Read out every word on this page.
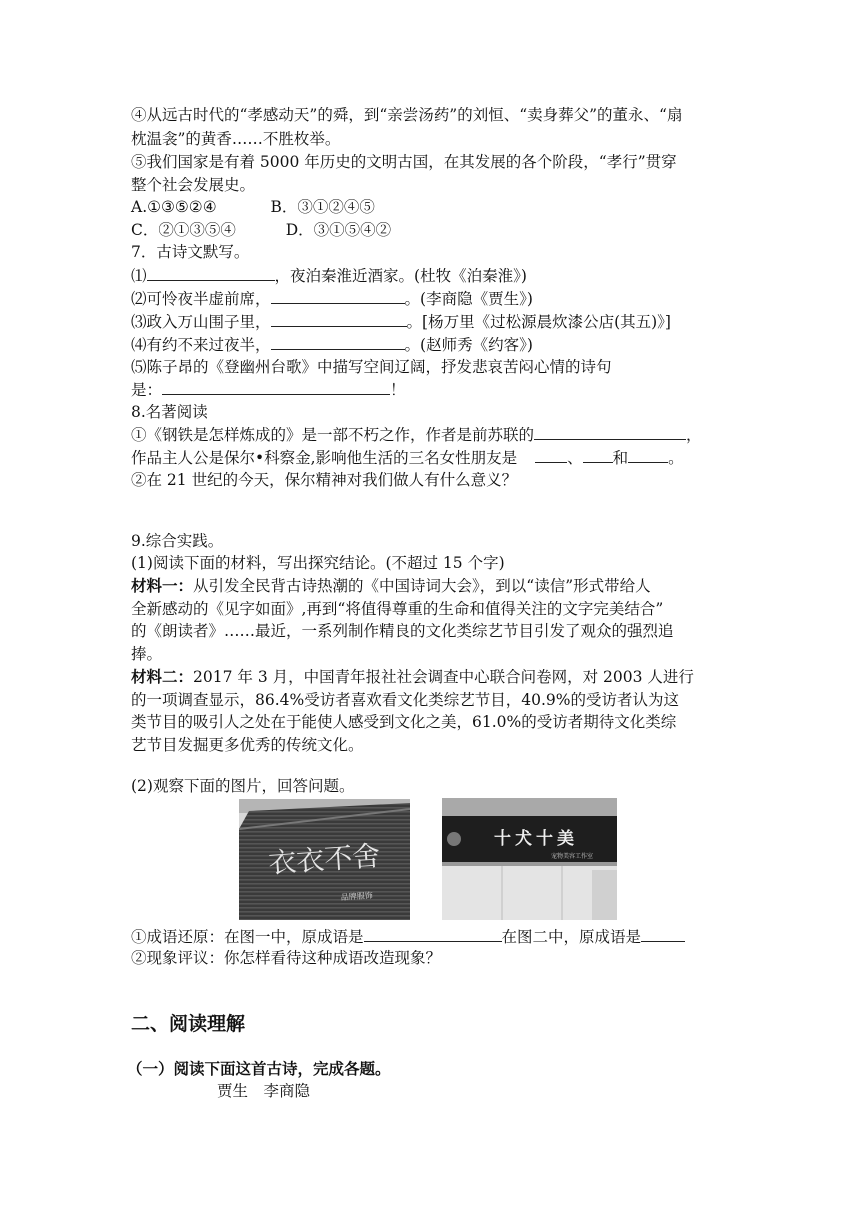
④从远古时代的“孝感动天”的舜，到“亲尝汤药”的刘恒、“卖身葬父”的董永、“扇
枕温衾”的黄香……不胜枚举。
⑤我们国家是有着 5000 年历史的文明古国，在其发展的各个阶段，“孝行”贯穿
整个社会发展史。
A.①③⑤②④	B．③①②④⑤
C．②①③⑤④	D．③①⑤④②
7．古诗文默写。
⑴	，夜泊秦淮近酒家。(杜牧《泊秦淮》)
⑵可怜夜半虚前席，	。(李商隐《贾生》)
⑶政入万山围子里，	。[杨万里《过松源晨炊漆公店(其五)》]
⑷有约不来过夜半，	。(赵师秀《约客》)
⑸陈子昂的《登幽州台歌》中描写空间辽阔，抒发悲哀苦闷心情的诗句
是：	！
8.名著阅读
①《钢铁是怎样炼成的》是一部不朽之作，作者是前苏联的	，
作品主人公是保尔•科察金,影响他生活的三名女性朋友是	、 和	。
②在 21 世纪的今天，保尔精神对我们做人有什么意义？
9.综合实践。
(1)阅读下面的材料，写出探究结论。(不超过 15 个字)
材料一：从引发全民背古诗热潮的《中国诗词大会》，到以“读信”形式带给人
全新感动的《见字如面》,再到“将值得尊重的生命和值得关注的文字完美结合”
的《朗读者》……最近，一系列制作精良的文化类综艺节目引发了观众的强烈追
捧。
材料二：2017 年 3 月，中国青年报社社会调查中心联合问卷网，对 2003 人进行
的一项调查显示，86.4%受访者喜欢看文化类综艺节目，40.9%的受访者认为这
类节目的吸引人之处在于能使人感受到文化之美，61.0%的受访者期待文化类综
艺节目发掘更多优秀的传统文化。
(2)观察下面的图片，回答问题。
衣衣不舍
品牌服饰
十犬十美
宠物美容工作室
①成语还原：在图一中，原成语是	在图二中，原成语是
②现象评议：你怎样看待这种成语改造现象？
二、阅读理解
（一）阅读下面这首古诗，完成各题。
贾生　李商隐
